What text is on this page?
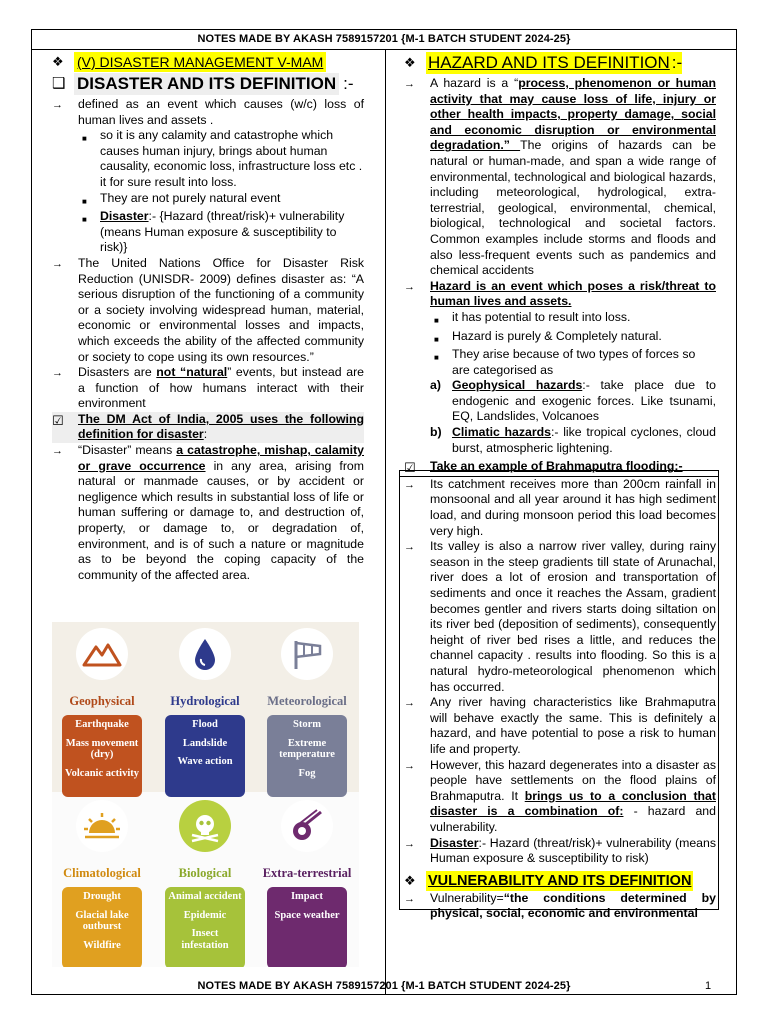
NOTES MADE BY AKASH 7589157201 {M-1 BATCH STUDENT 2024-25}
❖ (V) DISASTER MANAGEMENT V-MAM
❑ DISASTER AND ITS DEFINITION :-
→	defined as an event which causes (w/c) loss of human lives and assets .
■	so it is any calamity and catastrophe which causes human injury, brings about human causality, economic loss, infrastructure loss etc . it for sure result into loss.
■	They are not purely natural event
■	Disaster:- {Hazard (threat/risk)+ vulnerability (means Human exposure & susceptibility to risk)}
→	The United Nations Office for Disaster Risk Reduction (UNISDR- 2009) defines disaster as: “A serious disruption of the functioning of a community or a society involving widespread human, material, economic or environmental losses and impacts, which exceeds the ability of the affected community or society to cope using its own resources.”
→	Disasters are not “natural” events, but instead are a function of how humans interact with their environment
☑	The DM Act of India, 2005 uses the following definition for disaster:
→	“Disaster” means a catastrophe, mishap, calamity or grave occurrence in any area, arising from natural or manmade causes, or by accident or negligence which results in substantial loss of life or human suffering or damage to, and destruction of, property, or damage to, or degradation of, environment, and is of such a nature or magnitude as to be beyond the coping capacity of the community of the affected area.
Geophysical
Earthquake
Mass movement (dry)
Volcanic activity
Hydrological
Flood
Landslide
Wave action
Meteorological
Storm
Extreme temperature
Fog
Climatological
Drought
Glacial lake outburst
Wildfire
Biological
Animal accident
Epidemic
Insect infestation
Extra-terrestrial
Impact
Space weather
❖ HAZARD AND ITS DEFINITION :-
→	A hazard is a “process, phenomenon or human activity that may cause loss of life, injury or other health impacts, property damage, social and economic disruption or environmental degradation.” The origins of hazards can be natural or human-made, and span a wide range of environmental, technological and biological hazards, including meteorological, hydrological, extra-terrestrial, geological, environmental, chemical, biological, technological and societal factors. Common examples include storms and floods and also less-frequent events such as pandemics and chemical accidents
→	Hazard is an event which poses a risk/threat to human lives and assets.
■	it has potential to result into loss.
■	Hazard is purely & Completely natural.
■	They arise because of two types of forces so are categorised as
a) Geophysical hazards:- take place due to endogenic and exogenic forces. Like tsunami, EQ, Landslides, Volcanoes
b) Climatic hazards:- like tropical cyclones, cloud burst, atmospheric lightening.
☑	Take an example of Brahmaputra flooding:-
→	Its catchment receives more than 200cm rainfall in monsoonal and all year around it has high sediment load, and during monsoon period this load becomes very high.
→	Its valley is also a narrow river valley, during rainy season in the steep gradients till state of Arunachal, river does a lot of erosion and transportation of sediments and once it reaches the Assam, gradient becomes gentler and rivers starts doing siltation on its river bed (deposition of sediments), consequently height of river bed rises a little, and reduces the channel capacity . results into flooding. So this is a natural hydro-meteorological phenomenon which has occurred.
→	Any river having characteristics like Brahmaputra will behave exactly the same. This is definitely a hazard, and have potential to pose a risk to human life and property.
→	However, this hazard degenerates into a disaster as people have settlements on the flood plains of Brahmaputra. It brings us to a conclusion that disaster is a combination of: - hazard and vulnerability.
→	Disaster:- Hazard (threat/risk)+ vulnerability (means Human exposure & susceptibility to risk)
❖ VULNERABILITY AND ITS DEFINITION
→	Vulnerability=“the conditions determined by physical, social, economic and environmental
NOTES MADE BY AKASH 7589157201 {M-1 BATCH STUDENT 2024-25}	1
